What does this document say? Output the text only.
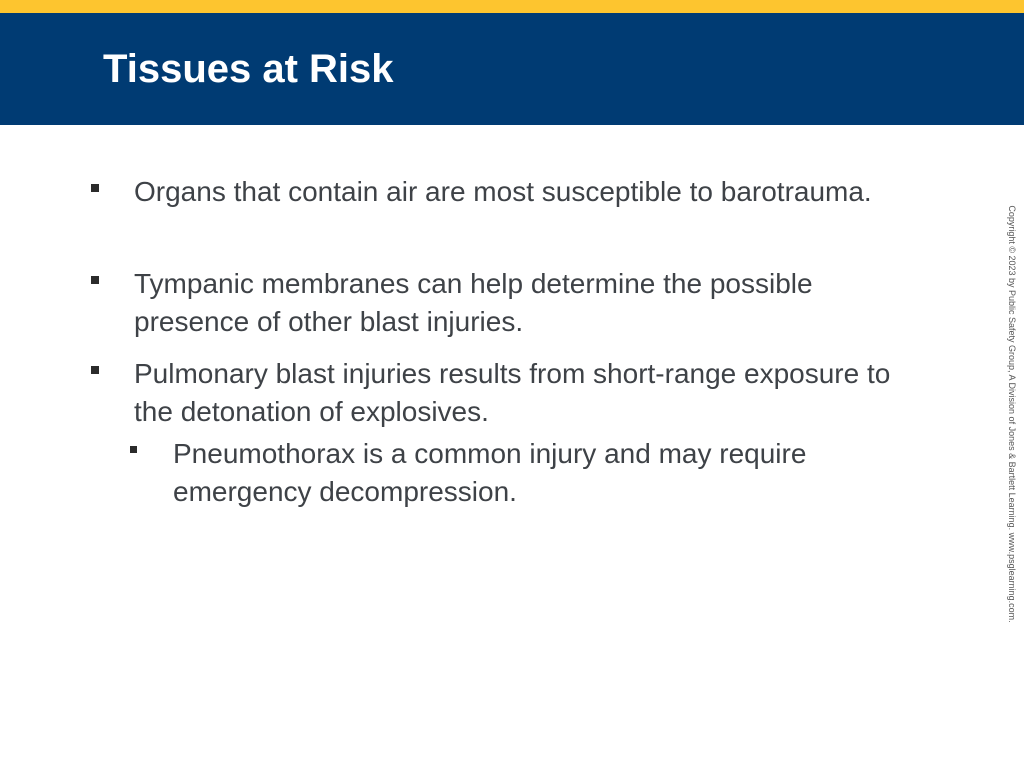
Tissues at Risk
Organs that contain air are most susceptible to barotrauma.
Tympanic membranes can help determine the possible presence of other blast injuries.
Pulmonary blast injuries results from short-range exposure to the detonation of explosives.
Pneumothorax is a common injury and may require emergency decompression.	Copyright © 2023 by Public Safety Group, A Division of Jones & Bartlett Learning. www.psglearning.com.
